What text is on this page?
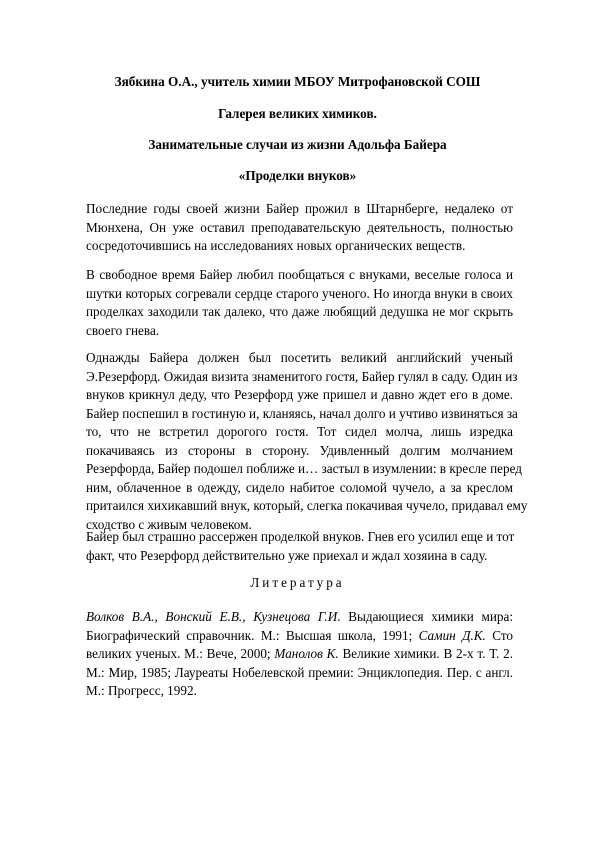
Зябкина О.А., учитель химии МБОУ Митрофановской СОШ
Галерея великих химиков.
Занимательные случаи из жизни Адольфа Байера
«Проделки внуков»
Последние годы своей жизни Байер прожил в Штарнберге, недалеко от
Мюнхена, Он уже оставил преподавательскую деятельность, полностью
сосредоточившись на исследованиях новых органических веществ.
В свободное время Байер любил пообщаться с внуками, веселые голоса и
шутки которых согревали сердце старого ученого. Но иногда внуки в своих
проделках заходили так далеко, что даже любящий дедушка не мог скрыть
своего гнева.
Однажды Байера должен был посетить великий английский ученый
Э.Резерфорд. Ожидая визита знаменитого гостя, Байер гулял в саду. Один из
внуков крикнул деду, что Резерфорд уже пришел и давно ждет его в доме.
Байер поспешил в гостиную и, кланяясь, начал долго и учтиво извиняться за
то, что не встретил дорогого гостя. Тот сидел молча, лишь изредка
покачиваясь из стороны в сторону. Удивленный долгим молчанием
Резерфорда, Байер подошел поближе и… застыл в изумлении: в кресле перед
ним, облаченное в одежду, сидело набитое соломой чучело, а за креслом
притаился хихикавший внук, который, слегка покачивая чучело, придавал ему
сходство с живым человеком.
Байер был страшно рассержен проделкой внуков. Гнев его усилил еще и тот
факт, что Резерфорд действительно уже приехал и ждал хозяина в саду.
Литература
Волков В.А., Вонский Е.В., Кузнецова Г.И. Выдающиеся химики мира:
Биографический справочник. М.: Высшая школа, 1991; Самин Д.К. Сто
великих ученых. М.: Вече, 2000; Манолов К. Великие химики. В 2-х т. Т. 2.
М.: Мир, 1985; Лауреаты Нобелевской премии: Энциклопедия. Пер. с англ.
М.: Прогресс, 1992.
